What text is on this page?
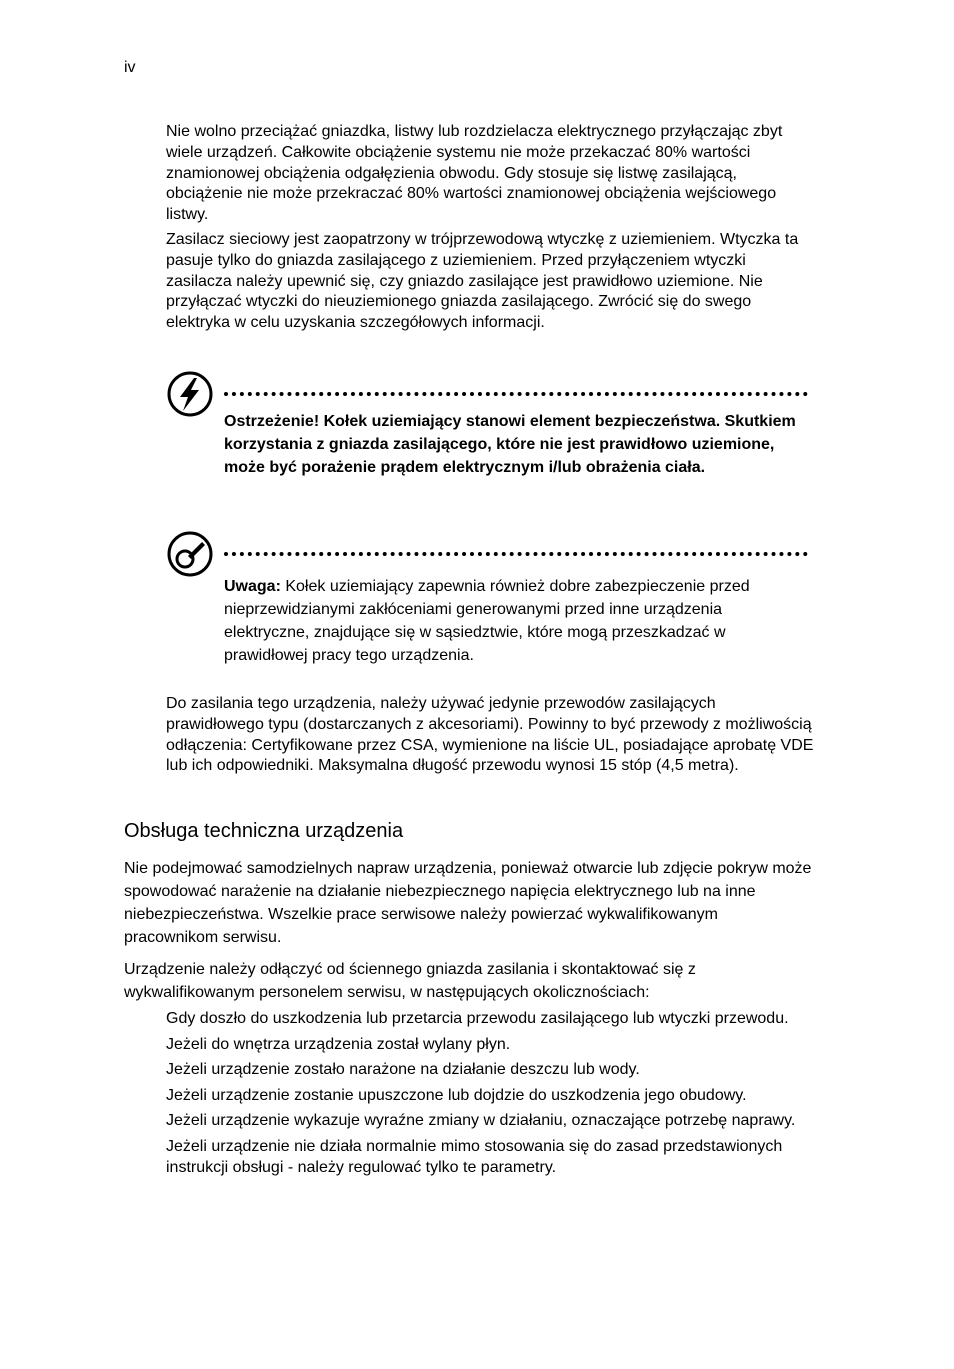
iv

Nie wolno przeciążać gniazdka, listwy lub rozdzielacza elektrycznego przyłączając zbyt wiele urządzeń. Całkowite obciążenie systemu nie może przekaczać 80% wartości znamionowej obciążenia odgałęzienia obwodu. Gdy stosuje się listwę zasilającą, obciążenie nie może przekraczać 80% wartości znamionowej obciążenia wejściowego listwy.

Zasilacz sieciowy jest zaopatrzony w trójprzewodową wtyczkę z uziemieniem. Wtyczka ta pasuje tylko do gniazda zasilającego z uziemieniem. Przed przyłączeniem wtyczki zasilacza należy upewnić się, czy gniazdo zasilające jest prawidłowo uziemione. Nie przyłączać wtyczki do nieuziemionego gniazda zasilającego. Zwrócić się do swego elektryka w celu uzyskania szczegółowych informacji.

Ostrzeżenie! Kołek uziemiający stanowi element bezpieczeństwa. Skutkiem korzystania z gniazda zasilającego, które nie jest prawidłowo uziemione, może być porażenie prądem elektrycznym i/lub obrażenia ciała.
Uwaga: Kołek uziemiający zapewnia również dobre zabezpieczenie przed nieprzewidzianymi zakłóceniami generowanymi przed inne urządzenia elektryczne, znajdujące się w sąsiedztwie, które mogą przeszkadzać w prawidłowej pracy tego urządzenia.

Do zasilania tego urządzenia, należy używać jedynie przewodów zasilających prawidłowego typu (dostarczanych z akcesoriami). Powinny to być przewody z możliwością odłączenia: Certyfikowane przez CSA, wymienione na liście UL, posiadające aprobatę VDE lub ich odpowiedniki. Maksymalna długość przewodu wynosi 15 stóp (4,5 metra).

Obsługa techniczna urządzenia
Nie podejmować samodzielnych napraw urządzenia, ponieważ otwarcie lub zdjęcie pokryw może spowodować narażenie na działanie niebezpiecznego napięcia elektrycznego lub na inne niebezpieczeństwa. Wszelkie prace serwisowe należy powierzać wykwalifikowanym pracownikom serwisu.
Urządzenie należy odłączyć od ściennego gniazda zasilania i skontaktować się z wykwalifikowanym personelem serwisu, w następujących okolicznościach:
Gdy doszło do uszkodzenia lub przetarcia przewodu zasilającego lub wtyczki przewodu.
Jeżeli do wnętrza urządzenia został wylany płyn.
Jeżeli urządzenie zostało narażone na działanie deszczu lub wody.
Jeżeli urządzenie zostanie upuszczone lub dojdzie do uszkodzenia jego obudowy.
Jeżeli urządzenie wykazuje wyraźne zmiany w działaniu, oznaczające potrzebę naprawy.
Jeżeli urządzenie nie działa normalnie mimo stosowania się do zasad przedstawionych instrukcji obsługi - należy regulować tylko te parametry.
